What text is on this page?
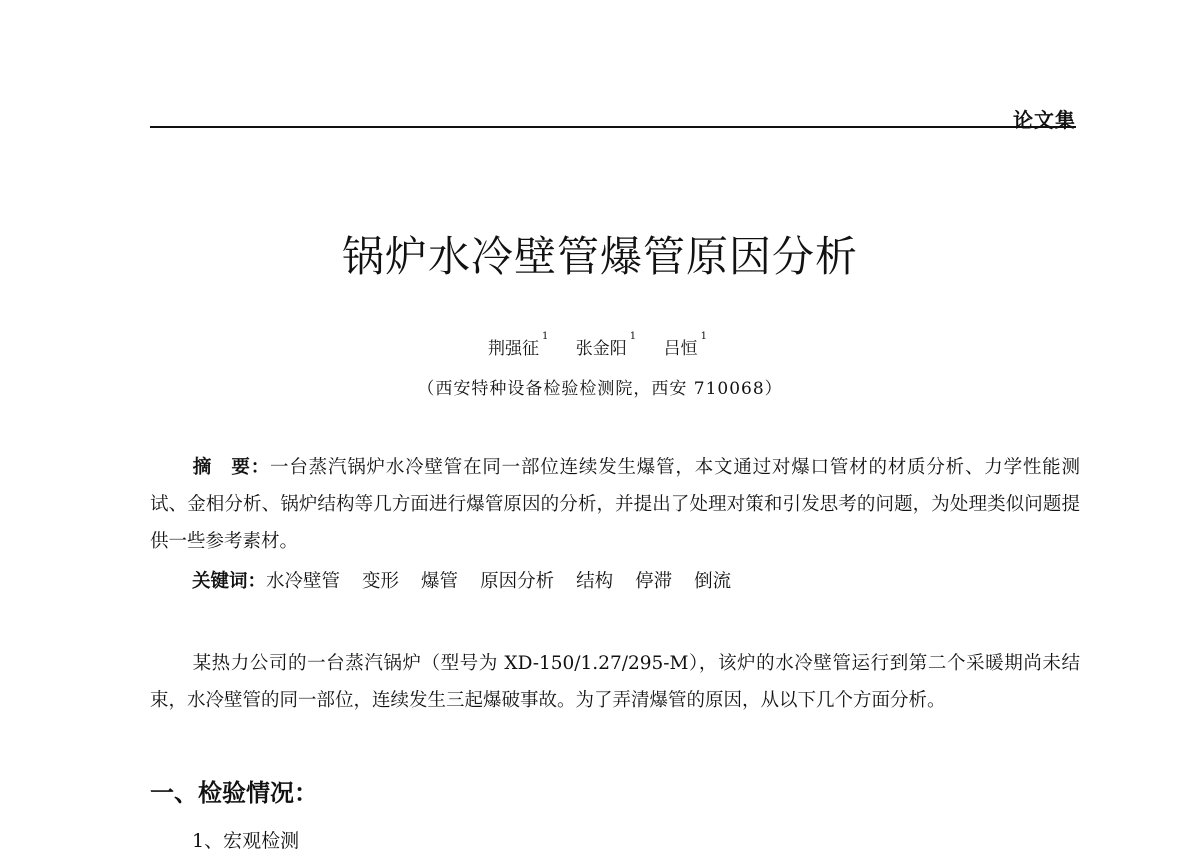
论文集
锅炉水冷壁管爆管原因分析
荆强征$^1$ 张金阳$^1$ 吕恒$^1$
（西安特种设备检验检测院，西安 710068）
摘　要：一台蒸汽锅炉水冷壁管在同一部位连续发生爆管，本文通过对爆口管材的材质分析、力学性能测试、金相分析、锅炉结构等几方面进行爆管原因的分析，并提出了处理对策和引发思考的问题，为处理类似问题提供一些参考素材。
关键词：水冷壁管 变形 爆管 原因分析 结构 停滞 倒流
某热力公司的一台蒸汽锅炉（型号为 XD-150/1.27/295-M），该炉的水冷壁管运行到第二个采暖期尚未结束，水冷壁管的同一部位，连续发生三起爆破事故。为了弄清爆管的原因，从以下几个方面分析。
一、检验情况：
1、宏观检测
